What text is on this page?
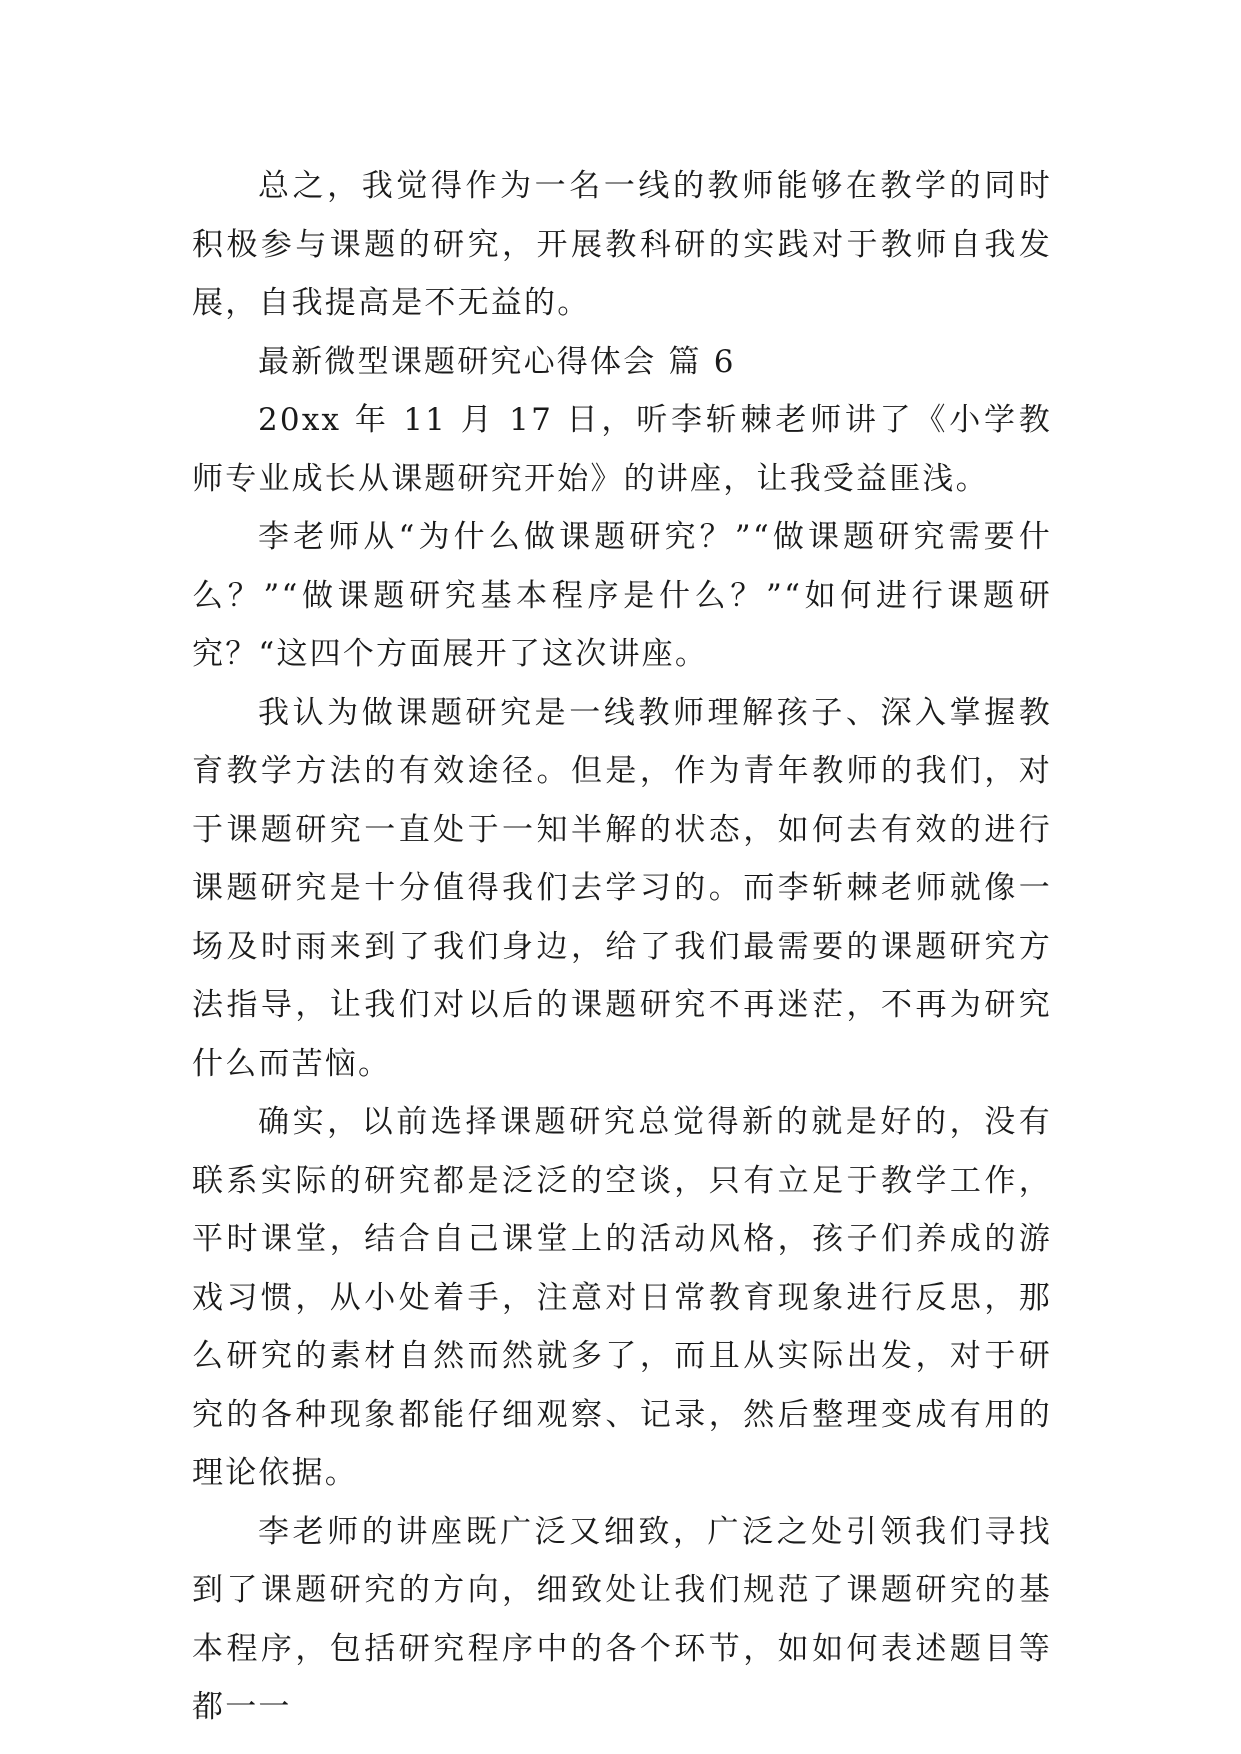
总之，我觉得作为一名一线的教师能够在教学的同时积极参与课题的研究，开展教科研的实践对于教师自我发展，自我提高是不无益的。

最新微型课题研究心得体会 篇 6

20xx 年 11 月 17 日，听李斩棘老师讲了《小学教师专业成长从课题研究开始》的讲座，让我受益匪浅。

李老师从“为什么做课题研究？”“做课题研究需要什么？”“做课题研究基本程序是什么？”“如何进行课题研究？“这四个方面展开了这次讲座。

我认为做课题研究是一线教师理解孩子、深入掌握教育教学方法的有效途径。但是，作为青年教师的我们，对于课题研究一直处于一知半解的状态，如何去有效的进行课题研究是十分值得我们去学习的。而李斩棘老师就像一场及时雨来到了我们身边，给了我们最需要的课题研究方法指导，让我们对以后的课题研究不再迷茫，不再为研究什么而苦恼。

确实，以前选择课题研究总觉得新的就是好的，没有联系实际的研究都是泛泛的空谈，只有立足于教学工作，平时课堂，结合自己课堂上的活动风格，孩子们养成的游戏习惯，从小处着手，注意对日常教育现象进行反思，那么研究的素材自然而然就多了，而且从实际出发，对于研究的各种现象都能仔细观察、记录，然后整理变成有用的理论依据。

李老师的讲座既广泛又细致，广泛之处引领我们寻找到了课题研究的方向，细致处让我们规范了课题研究的基本程序，包括研究程序中的各个环节，如如何表述题目等都一一
